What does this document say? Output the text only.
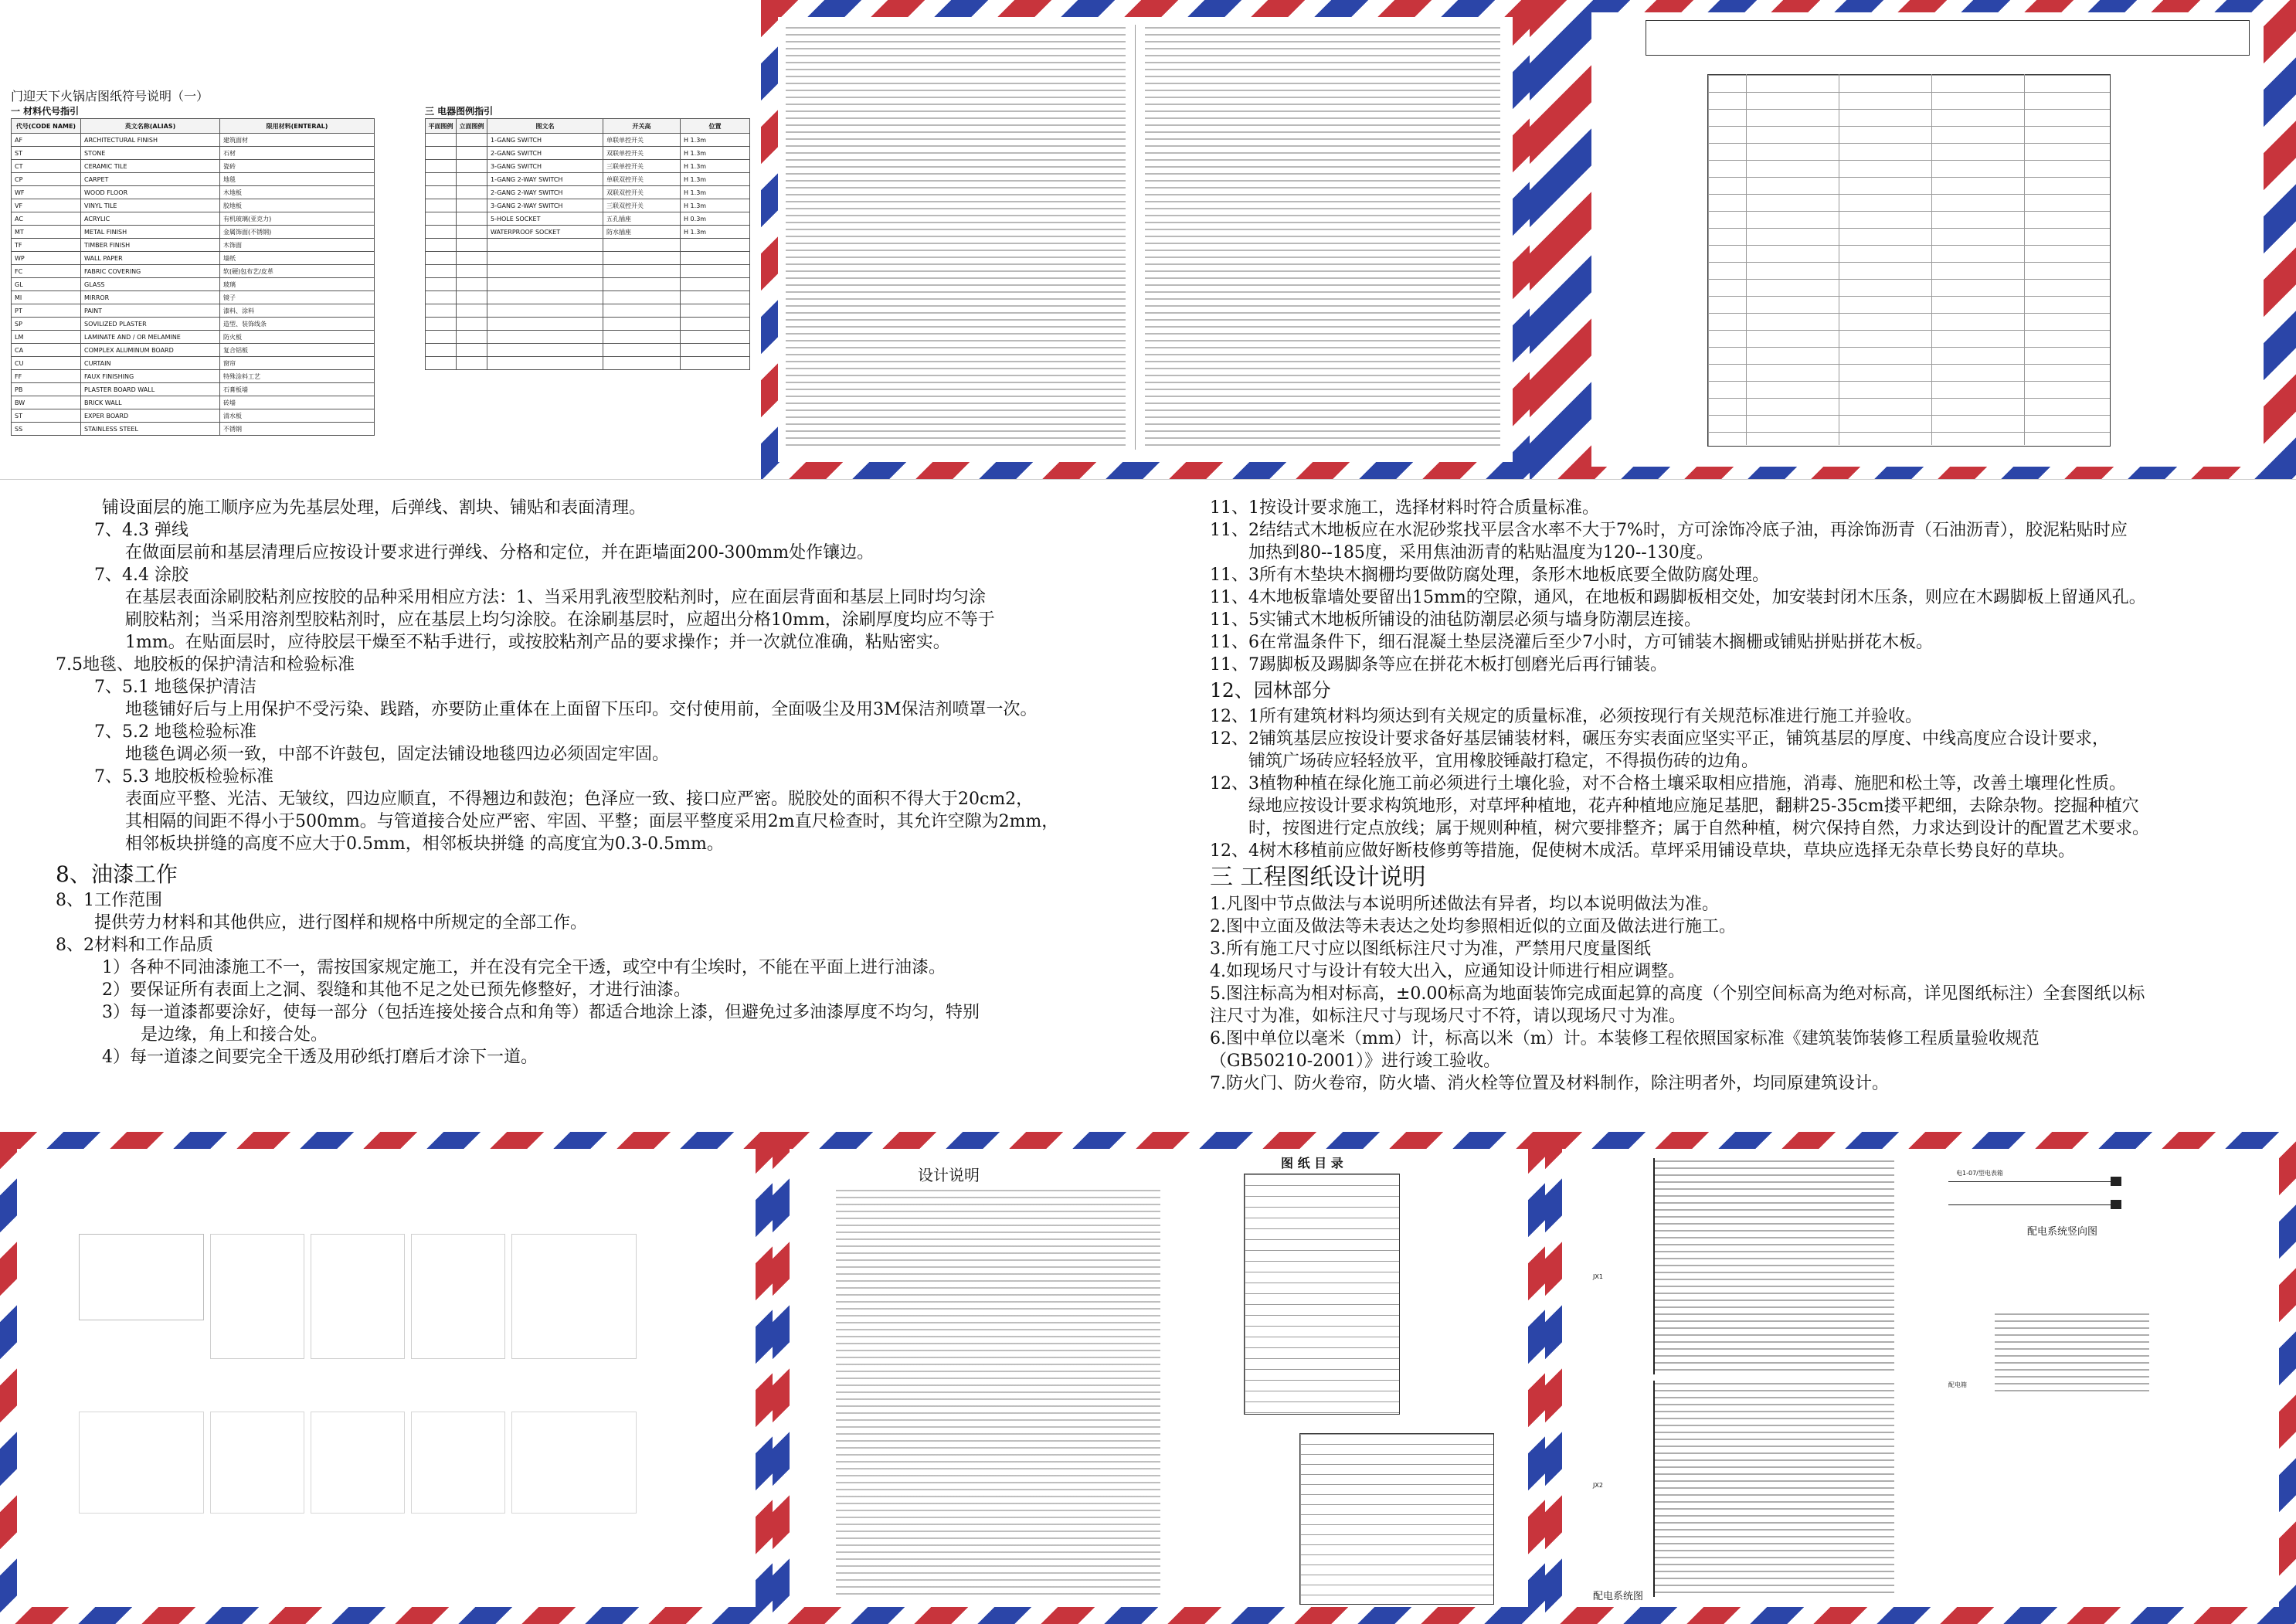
门迎天下火锅店图纸符号说明（一）
一 材料代号指引
代号(CODE NAME)	英文名称(ALIAS)	限用材料(ENTERAL)
AF	ARCHITECTURAL FINISH	建筑面材
ST	STONE	石材
CT	CERAMIC TILE	瓷砖
CP	CARPET	地毯
WF	WOOD FLOOR	木地板
VF	VINYL TILE	胶地板
AC	ACRYLIC	有机玻璃(亚克力)
MT	METAL FINISH	金属饰面(不锈钢)
TF	TIMBER FINISH	木饰面
WP	WALL PAPER	墙纸
FC	FABRIC COVERING	软(硬)包布艺/皮革
GL	GLASS	玻璃
MI	MIRROR	镜子
PT	PAINT	漆料、涂料
SP	SOVILIZED PLASTER	造型、装饰线条
LM	LAMINATE AND / OR MELAMINE	防火板
CA	COMPLEX ALUMINUM BOARD	复合铝板
CU	CURTAIN	窗帘
FF	FAUX FINISHING	特殊涂料工艺
PB	PLASTER BOARD WALL	石膏板墙
BW	BRICK WALL	砖墙
ST	EXPER BOARD	清水板
SS	STAINLESS STEEL	不锈钢
三 电器图例指引
平面图例	立面图例	图文名	开关高	位置
		1-GANG SWITCH	单联单控开关	H 1.3m
		2-GANG SWITCH	双联单控开关	H 1.3m
		3-GANG SWITCH	三联单控开关	H 1.3m
		1-GANG 2-WAY SWITCH	单联双控开关	H 1.3m
		2-GANG 2-WAY SWITCH	双联双控开关	H 1.3m
		3-GANG 2-WAY SWITCH	三联双控开关	H 1.3m
		5-HOLE SOCKET	五孔插座	H 0.3m
		WATERPROOF SOCKET	防水插座	H 1.3m

铺设面层的施工顺序应为先基层处理，后弹线、割块、铺贴和表面清理。

7、4.3 弹线

在做面层前和基层清理后应按设计要求进行弹线、分格和定位，并在距墙面200-300mm处作镶边。

7、4.4 涂胶

在基层表面涂刷胶粘剂应按胶的品种采用相应方法：1、当采用乳液型胶粘剂时，应在面层背面和基层上同时均匀涂

刷胶粘剂；当采用溶剂型胶粘剂时，应在基层上均匀涂胶。在涂刷基层时，应超出分格10mm，涂刷厚度均应不等于

1mm。在贴面层时，应待胶层干燥至不粘手进行，或按胶粘剂产品的要求操作；并一次就位准确，粘贴密实。

7.5地毯、地胶板的保护清洁和检验标准

7、5.1 地毯保护清洁

地毯铺好后与上用保护不受污染、践踏，亦要防止重体在上面留下压印。交付使用前，全面吸尘及用3M保洁剂喷罩一次。

7、5.2 地毯检验标准

地毯色调必须一致，中部不许鼓包，固定法铺设地毯四边必须固定牢固。

7、5.3 地胶板检验标准

表面应平整、光洁、无皱纹，四边应顺直，不得翘边和鼓泡；色泽应一致、接口应严密。脱胶处的面积不得大于20cm2，

其相隔的间距不得小于500mm。与管道接合处应严密、牢固、平整；面层平整度采用2m直尺检查时，其允许空隙为2mm，

相邻板块拼缝的高度不应大于0.5mm，相邻板块拼缝 的高度宜为0.3-0.5mm。

8、油漆工作

8、1工作范围

提供劳力材料和其他供应，进行图样和规格中所规定的全部工作。

8、2材料和工作品质

1）各种不同油漆施工不一，需按国家规定施工，并在没有完全干透，或空中有尘埃时，不能在平面上进行油漆。

2）要保证所有表面上之洞、裂缝和其他不足之处已预先修整好，才进行油漆。

3）每一道漆都要涂好，使每一部分（包括连接处接合点和角等）都适合地涂上漆，但避免过多油漆厚度不均匀，特别

是边缘，角上和接合处。

4）每一道漆之间要完全干透及用砂纸打磨后才涂下一道。

11、1按设计要求施工，选择材料时符合质量标准。

11、2结结式木地板应在水泥砂浆找平层含水率不大于7%时，方可涂饰冷底子油，再涂饰沥青（石油沥青），胶泥粘贴时应

加热到80--185度，采用焦油沥青的粘贴温度为120--130度。

11、3所有木垫块木搁栅均要做防腐处理，条形木地板底要全做防腐处理。

11、4木地板靠墙处要留出15mm的空隙，通风，在地板和踢脚板相交处，加安装封闭木压条，则应在木踢脚板上留通风孔。

11、5实铺式木地板所铺设的油毡防潮层必须与墙身防潮层连接。

11、6在常温条件下，细石混凝土垫层浇灌后至少7小时，方可铺装木搁栅或铺贴拼贴拼花木板。

11、7踢脚板及踢脚条等应在拼花木板打刨磨光后再行铺装。

12、园林部分

12、1所有建筑材料均须达到有关规定的质量标准，必须按现行有关规范标准进行施工并验收。

12、2铺筑基层应按设计要求备好基层铺装材料，碾压夯实表面应坚实平正，铺筑基层的厚度、中线高度应合设计要求，

铺筑广场砖应轻轻放平，宜用橡胶锤敲打稳定，不得损伤砖的边角。

12、3植物种植在绿化施工前必须进行土壤化验，对不合格土壤采取相应措施，消毒、施肥和松土等，改善土壤理化性质。

绿地应按设计要求构筑地形，对草坪种植地，花卉种植地应施足基肥，翻耕25-35cm搂平耙细，去除杂物。挖掘种植穴

时，按图进行定点放线；属于规则种植，树穴要排整齐；属于自然种植，树穴保持自然，力求达到设计的配置艺术要求。

12、4树木移植前应做好断枝修剪等措施，促使树木成活。草坪采用铺设草块，草块应选择无杂草长势良好的草块。

三 工程图纸设计说明

1.凡图中节点做法与本说明所述做法有异者，均以本说明做法为准。

2.图中立面及做法等未表达之处均参照相近似的立面及做法进行施工。

3.所有施工尺寸应以图纸标注尺寸为准，严禁用尺度量图纸

4.如现场尺寸与设计有较大出入，应通知设计师进行相应调整。

5.图注标高为相对标高，±0.00标高为地面装饰完成面起算的高度（个别空间标高为绝对标高，详见图纸标注）全套图纸以标

注尺寸为准，如标注尺寸与现场尺寸不符，请以现场尺寸为准。

6.图中单位以毫米（mm）计，标高以米（m）计。本装修工程依照国家标准《建筑装饰装修工程质量验收规范

（GB50210-2001）》进行竣工验收。

7.防火门、防火卷帘，防火墙、消火栓等位置及材料制作，除注明者外，均同原建筑设计。

设计说明
图 纸 目 录
JX1
JX2
电1-07/型电表箱
配电系统竖向图
配电箱
配电系统图
